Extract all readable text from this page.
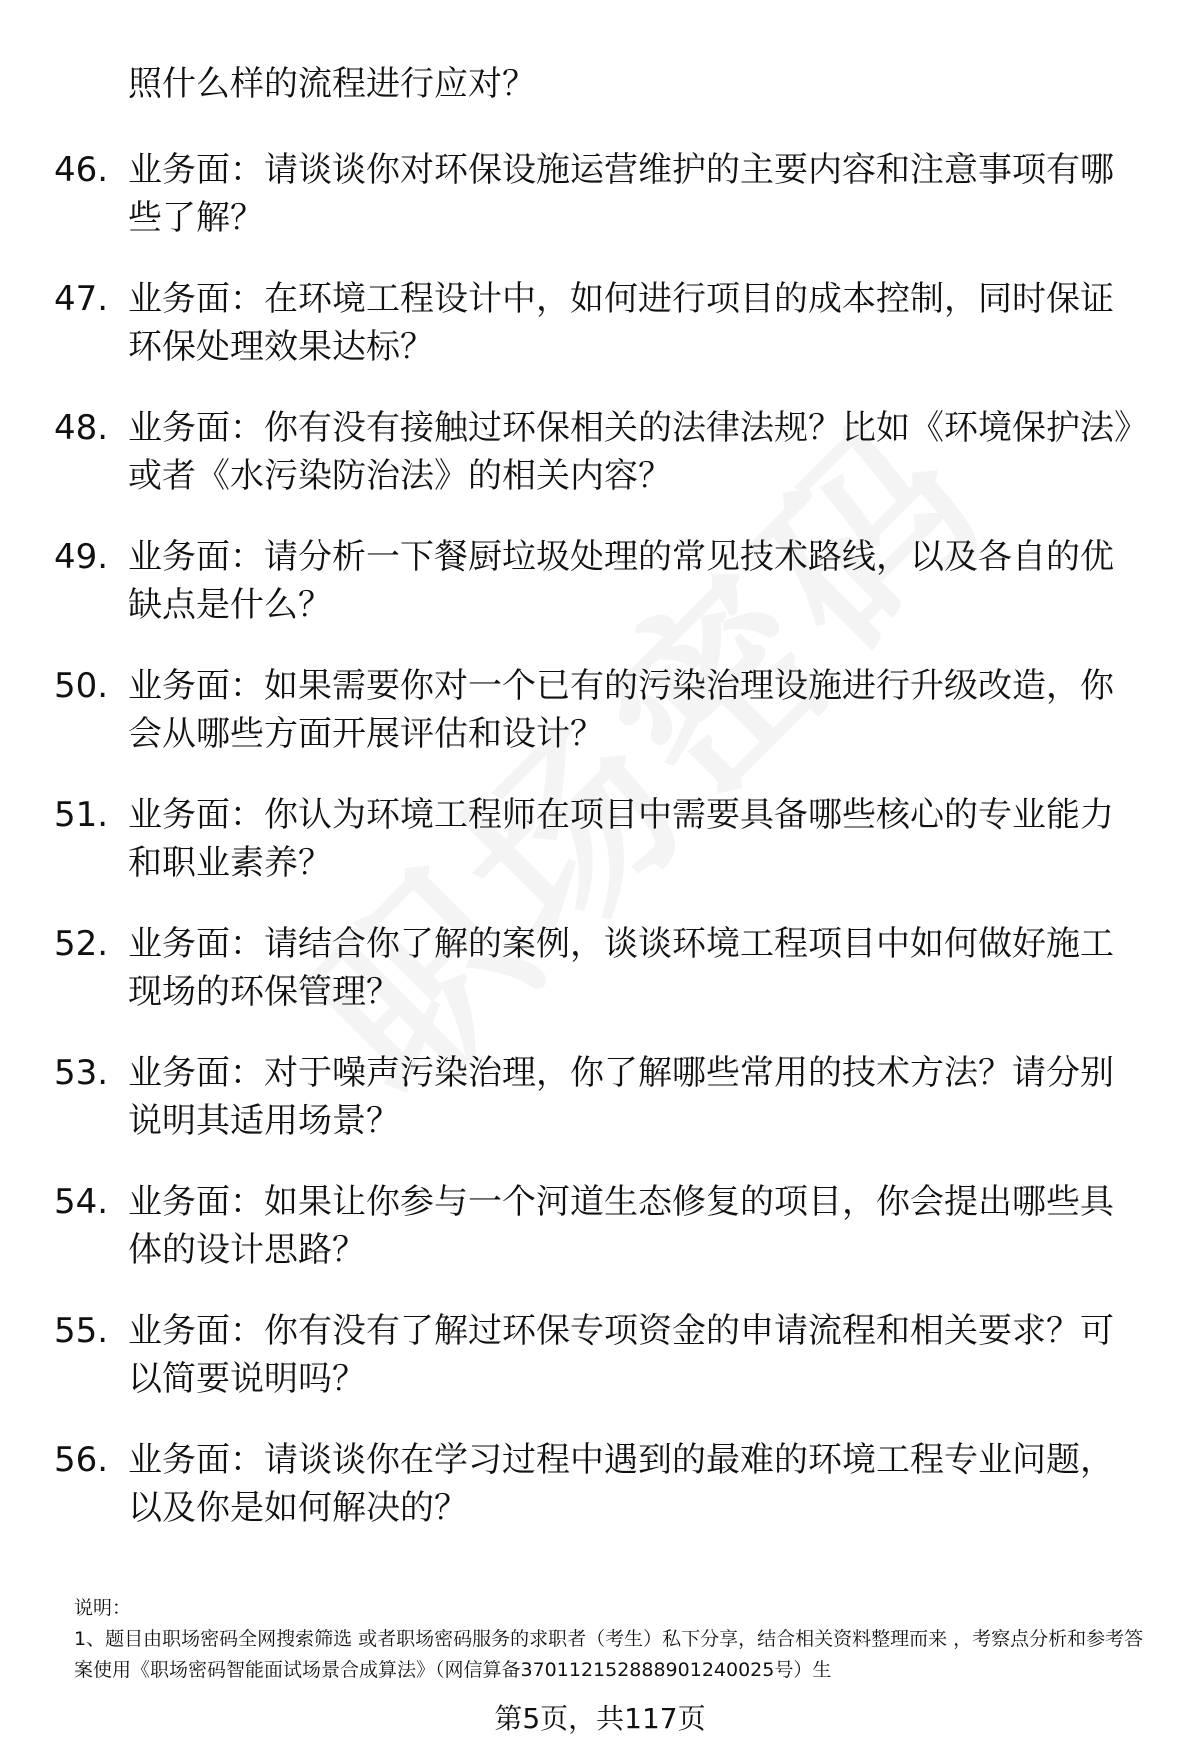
照什么样的流程进行应对？
46. 业务面：请谈谈你对环保设施运营维护的主要内容和注意事项有哪些了解？
47. 业务面：在环境工程设计中，如何进行项目的成本控制，同时保证环保处理效果达标？
48. 业务面：你有没有接触过环保相关的法律法规？比如《环境保护法》或者《水污染防治法》的相关内容？
49. 业务面：请分析一下餐厨垃圾处理的常见技术路线，以及各自的优缺点是什么？
50. 业务面：如果需要你对一个已有的污染治理设施进行升级改造，你会从哪些方面开展评估和设计？
51. 业务面：你认为环境工程师在项目中需要具备哪些核心的专业能力和职业素养？
52. 业务面：请结合你了解的案例，谈谈环境工程项目中如何做好施工现场的环保管理？
53. 业务面：对于噪声污染治理，你了解哪些常用的技术方法？请分别说明其适用场景？
54. 业务面：如果让你参与一个河道生态修复的项目，你会提出哪些具体的设计思路？
55. 业务面：你有没有了解过环保专项资金的申请流程和相关要求？可以简要说明吗？
56. 业务面：请谈谈你在学习过程中遇到的最难的环境工程专业问题，以及你是如何解决的？
说明：
1、题目由职场密码全网搜索筛选 或者职场密码服务的求职者（考生）私下分享，结合相关资料整理而来 ，考察点分析和参考答案使用《职场密码智能面试场景合成算法》（网信算备370112152888901240025号）生
第5页，共117页
